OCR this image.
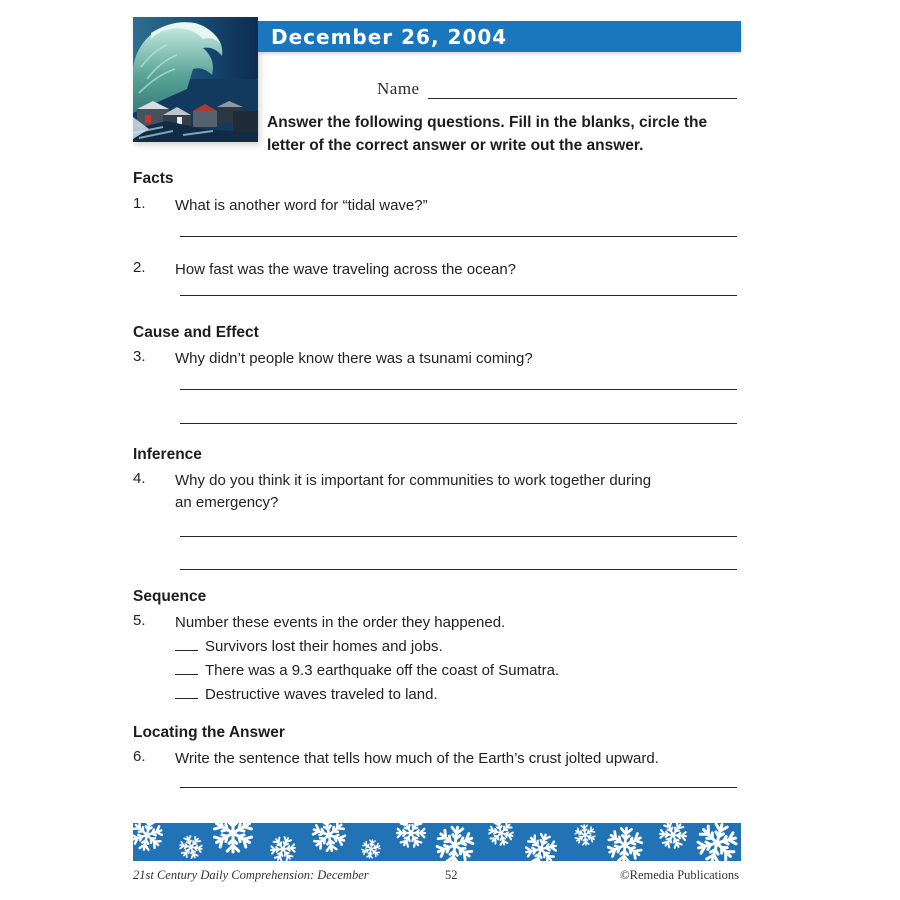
December 26, 2004
Name
Answer the following questions. Fill in the blanks, circle the
letter of the correct answer or write out the answer.
Facts
1.	What is another word for “tidal wave?”
2.	How fast was the wave traveling across the ocean?
Cause and Effect
3.	Why didn’t people know there was a tsunami coming?
Inference
4.	Why do you think it is important for communities to work together during
an emergency?
Sequence
5.	Number these events in the order they happened.
Survivors lost their homes and jobs.
There was a 9.3 earthquake off the coast of Sumatra.
Destructive waves traveled to land.
Locating the Answer
6.	Write the sentence that tells how much of the Earth’s crust jolted upward.
21st Century Daily Comprehension: December	52	©Remedia Publications
